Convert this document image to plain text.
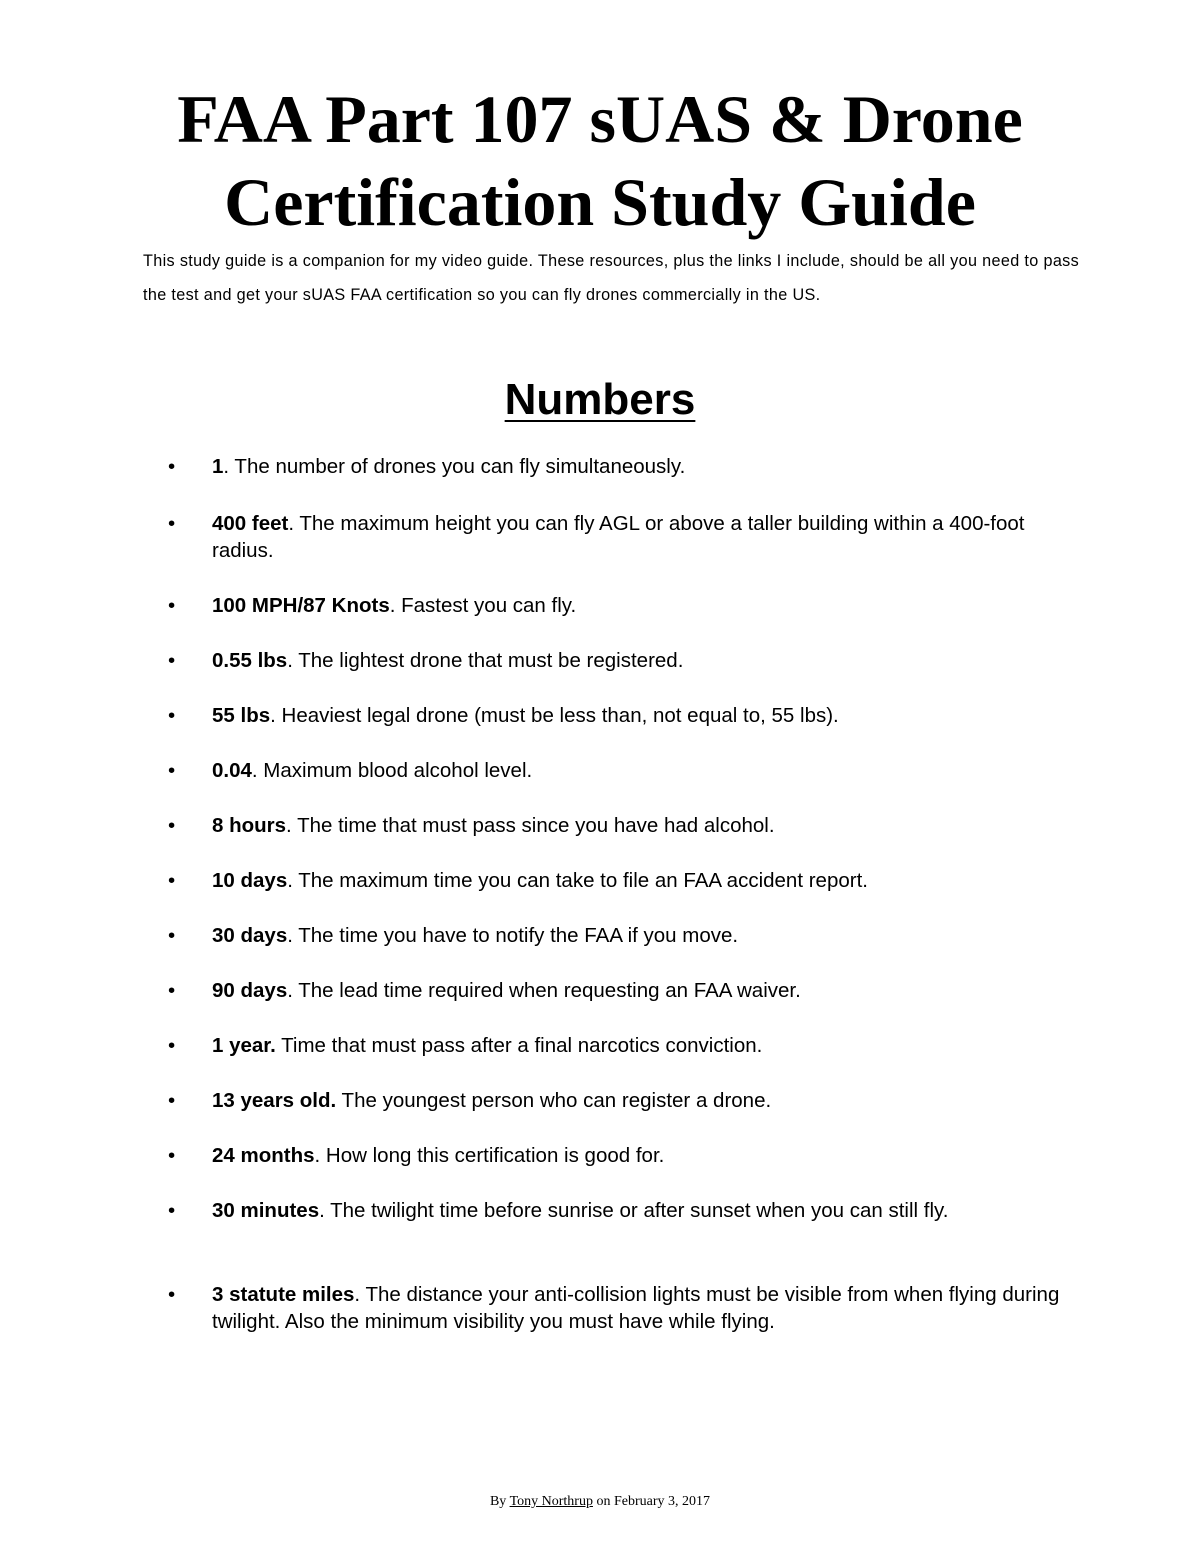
FAA Part 107 sUAS & Drone
Certification Study Guide

This study guide is a companion for my video guide. These resources, plus the links I include, should be all you need to pass the test and get your sUAS FAA certification so you can fly drones commercially in the US.

Numbers
• 1. The number of drones you can fly simultaneously.
• 400 feet. The maximum height you can fly AGL or above a taller building within a 400-foot radius.
• 100 MPH/87 Knots. Fastest you can fly.
• 0.55 lbs. The lightest drone that must be registered.
• 55 lbs. Heaviest legal drone (must be less than, not equal to, 55 lbs).
• 0.04. Maximum blood alcohol level.
• 8 hours. The time that must pass since you have had alcohol.
• 10 days. The maximum time you can take to file an FAA accident report.
• 30 days. The time you have to notify the FAA if you move.
• 90 days. The lead time required when requesting an FAA waiver.
• 1 year. Time that must pass after a final narcotics conviction.
• 13 years old. The youngest person who can register a drone.
• 24 months. How long this certification is good for.
• 30 minutes. The twilight time before sunrise or after sunset when you can still fly.
• 3 statute miles. The distance your anti-collision lights must be visible from when flying during twilight. Also the minimum visibility you must have while flying.
By Tony Northrup on February 3, 2017
